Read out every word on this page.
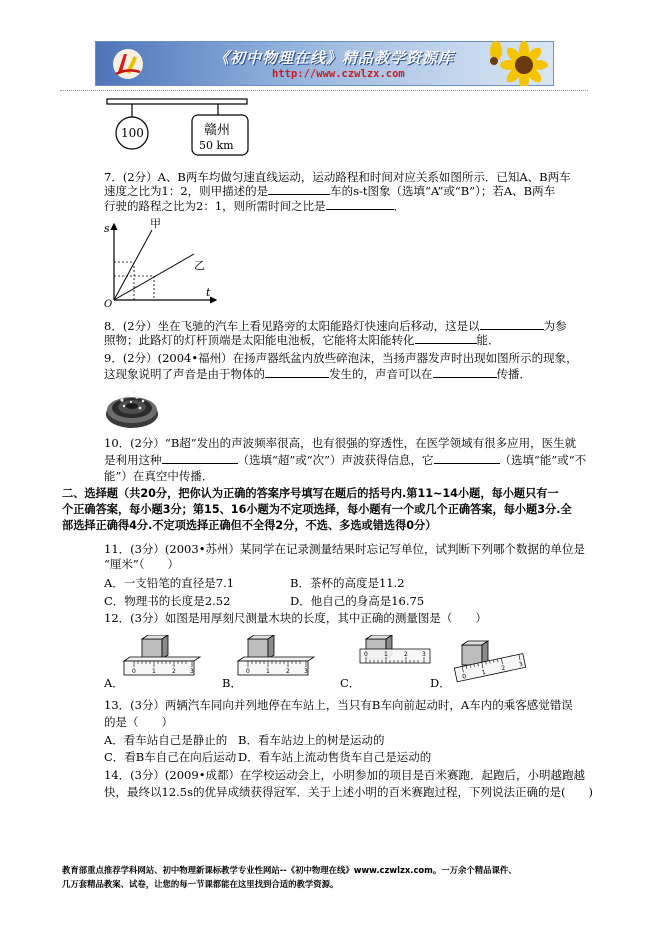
《初中物理在线》精品教学资源库
http://www.czwlzx.com
100	赣州
50 km
7．(2分）A、B两车均做匀速直线运动，运动路程和时间对应关系如图所示．已知A、B两车
速度之比为1：2，则甲描述的是	车的s-t图象（选填“A”或“B”）；若A、B两车
行驶的路程之比为2：1，则所需时间之比是	．
s
t
O
甲
乙
8．(2分）坐在飞驰的汽车上看见路旁的太阳能路灯快速向后移动，这是以	为参
照物；此路灯的灯杆顶端是太阳能电池板，它能将太阳能转化	能．
9．(2分）(2004•福州）在扬声器纸盆内放些碎泡沫，当扬声器发声时出现如图所示的现象，
这现象说明了声音是由于物体的	发生的，声音可以在	传播．
10．(2分）“B超”发出的声波频率很高，也有很强的穿透性，在医学领域有很多应用，医生就
是利用这种	（选填“超”或“次”）声波获得信息，它	（选填“能”或“不
能”）在真空中传播．
二、选择题（共20分，把你认为正确的答案序号填写在题后的括号内.第11~14小题，每小题只有一
个正确答案，每小题3分；第15、16小题为不定项选择，每小题有一个或几个正确答案，每小题3分.全
部选择正确得4分.不定项选择正确但不全得2分，不选、多选或错选得0分）
11．(3分）(2003•苏州）某同学在记录测量结果时忘记写单位，试判断下列哪个数据的单位是
“厘米”（　　）
A．一支铅笔的直径是7.1	B．茶杯的高度是11.2
C．物理书的长度是2.52	D．他自己的身高是16.75
12．(3分）如图是用厚刻尺测量木块的长度，其中正确的测量图是（　　）
0	1	2 3	0	1	2 3
0	1	2 3
0
1
2 3
A．	B．	C．	D．
13．(3分）两辆汽车同向并列地停在车站上，当只有B车向前起动时，A车内的乘客感觉错误
的是（　　）
A．看车站自己是静止的 B．看车站边上的树是运动的
C．看B车自己在向后运动 D．看车站上流动售货车自己是运动的
14．(3分）(2009•成都）在学校运动会上，小明参加的项目是百米赛跑．起跑后，小明越跑越
快，最终以12.5s的优异成绩获得冠军．关于上述小明的百米赛跑过程，下列说法正确的是(　　)
教育部重点推荐学科网站、初中物理新课标教学专业性网站--《初中物理在线》www.czwlzx.com。一万余个精品课件、
几万套精品教案、试卷，让您的每一节课都能在这里找到合适的教学资源。
